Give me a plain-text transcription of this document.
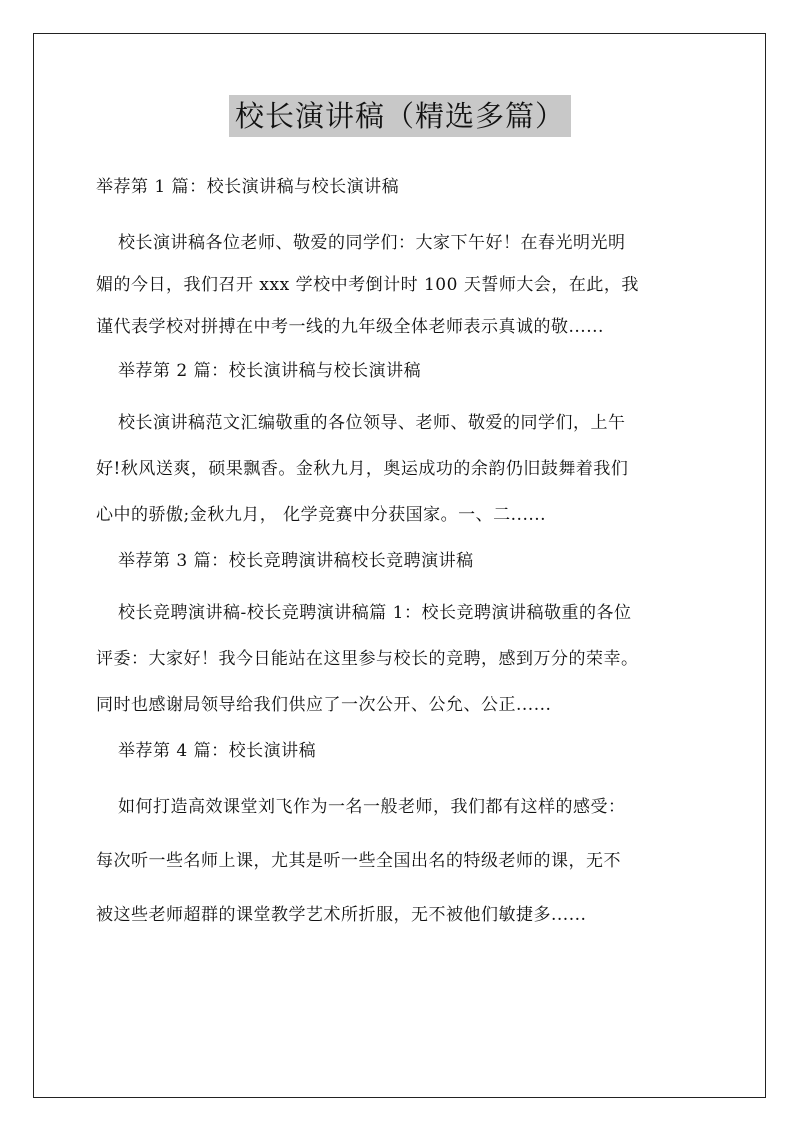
校长演讲稿（精选多篇）
举荐第 1 篇：校长演讲稿与校长演讲稿
校长演讲稿各位老师、敬爱的同学们：大家下午好！在春光明光明
媚的今日，我们召开 xxx 学校中考倒计时 100 天誓师大会，在此，我
谨代表学校对拼搏在中考一线的九年级全体老师表示真诚的敬......
举荐第 2 篇：校长演讲稿与校长演讲稿
校长演讲稿范文汇编敬重的各位领导、老师、敬爱的同学们，上午
好!秋风送爽，硕果飘香。金秋九月，奥运成功的余韵仍旧鼓舞着我们
心中的骄傲;金秋九月， 化学竞赛中分获国家。一、二......
举荐第 3 篇：校长竞聘演讲稿校长竞聘演讲稿
校长竞聘演讲稿-校长竞聘演讲稿篇 1：校长竞聘演讲稿敬重的各位
评委：大家好！我今日能站在这里参与校长的竞聘，感到万分的荣幸。
同时也感谢局领导给我们供应了一次公开、公允、公正......
举荐第 4 篇：校长演讲稿
如何打造高效课堂刘飞作为一名一般老师，我们都有这样的感受：
每次听一些名师上课，尤其是听一些全国出名的特级老师的课，无不
被这些老师超群的课堂教学艺术所折服，无不被他们敏捷多......
